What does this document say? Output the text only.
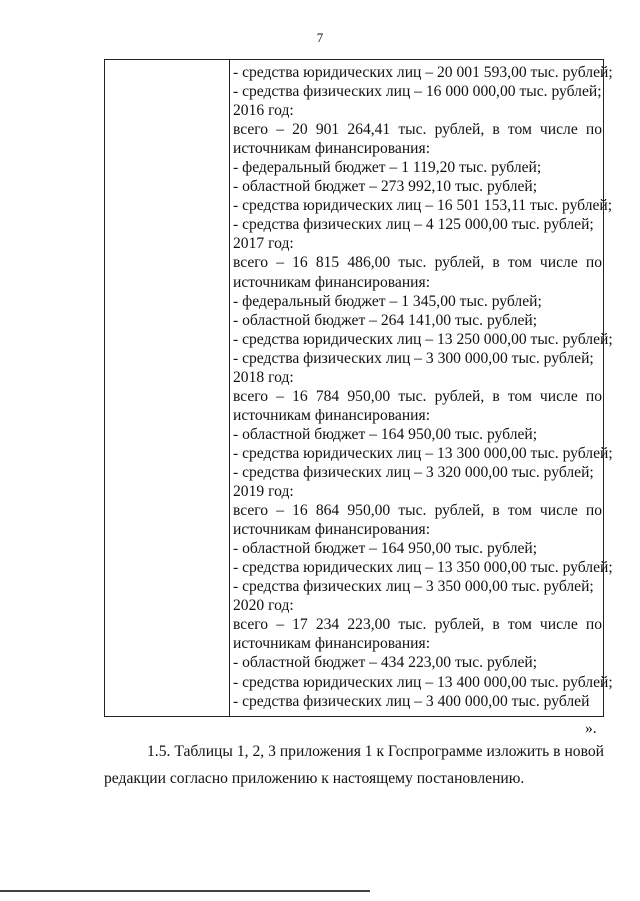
7
- средства юридических лиц – 20 001 593,00 тыс. рублей;
- средства физических лиц – 16 000 000,00 тыс. рублей;
2016 год:
всего – 20 901 264,41 тыс. рублей, в том числе по
источникам финансирования:
- федеральный бюджет – 1 119,20 тыс. рублей;
- областной бюджет – 273 992,10 тыс. рублей;
- средства юридических лиц – 16 501 153,11 тыс. рублей;
- средства физических лиц – 4 125 000,00 тыс. рублей;
2017 год:
всего – 16 815 486,00 тыс. рублей, в том числе по
источникам финансирования:
- федеральный бюджет – 1 345,00 тыс. рублей;
- областной бюджет – 264 141,00 тыс. рублей;
- средства юридических лиц – 13 250 000,00 тыс. рублей;
- средства физических лиц – 3 300 000,00 тыс. рублей;
2018 год:
всего – 16 784 950,00 тыс. рублей, в том числе по
источникам финансирования:
- областной бюджет – 164 950,00 тыс. рублей;
- средства юридических лиц – 13 300 000,00 тыс. рублей;
- средства физических лиц – 3 320 000,00 тыс. рублей;
2019 год:
всего – 16 864 950,00 тыс. рублей, в том числе по
источникам финансирования:
- областной бюджет – 164 950,00 тыс. рублей;
- средства юридических лиц – 13 350 000,00 тыс. рублей;
- средства физических лиц – 3 350 000,00 тыс. рублей;
2020 год:
всего – 17 234 223,00 тыс. рублей, в том числе по
источникам финансирования:
- областной бюджет – 434 223,00 тыс. рублей;
- средства юридических лиц – 13 400 000,00 тыс. рублей;
- средства физических лиц – 3 400 000,00 тыс. рублей
».
1.5. Таблицы 1, 2, 3 приложения 1 к Госпрограмме изложить в новой редакции согласно приложению к настоящему постановлению.
